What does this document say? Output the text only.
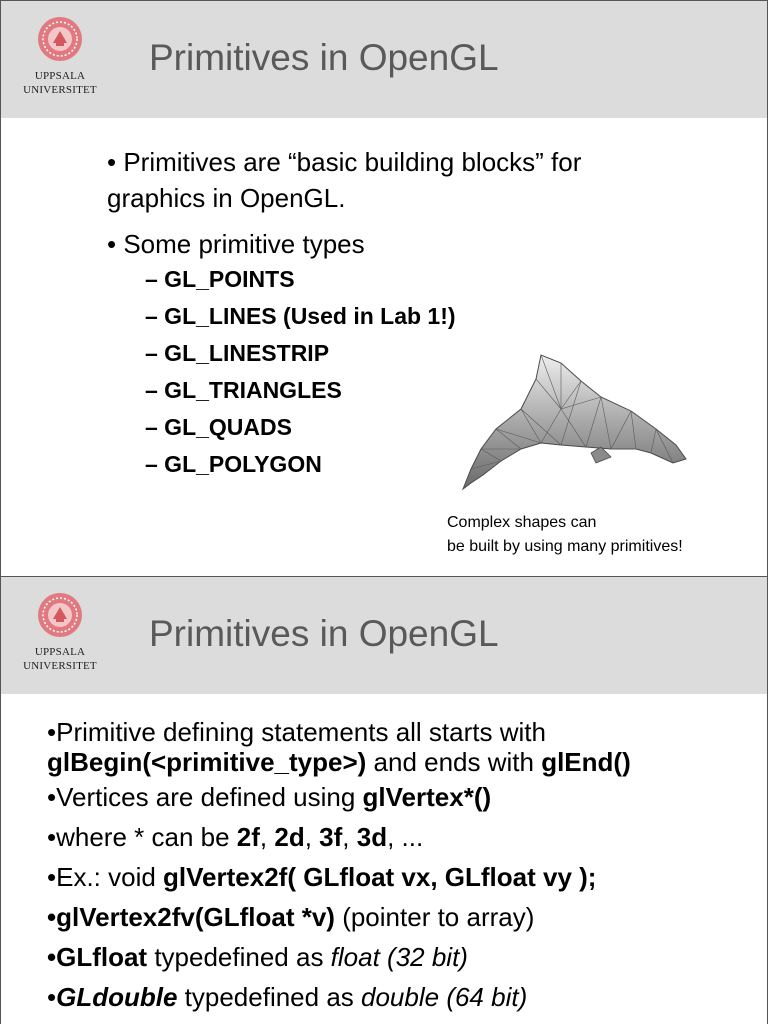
UPPSALA
UNIVERSITET
Primitives in OpenGL
• Primitives are “basic building blocks” for
graphics in OpenGL.
• Some primitive types
– GL_POINTS
– GL_LINES (Used in Lab 1!)
– GL_LINESTRIP
– GL_TRIANGLES
– GL_QUADS
– GL_POLYGON
Complex shapes can
be built by using many primitives!
UPPSALA
UNIVERSITET
Primitives in OpenGL

•Primitive defining statements all starts with

glBegin(<primitive_type>) and ends with glEnd()

•Vertices are defined using glVertex*()

•where * can be 2f, 2d, 3f, 3d, ...

•Ex.: void glVertex2f( GLfloat vx, GLfloat vy );

•glVertex2fv(GLfloat *v) (pointer to array)

•GLfloat typedefined as float (32 bit)

•GLdouble typedefined as double (64 bit)
